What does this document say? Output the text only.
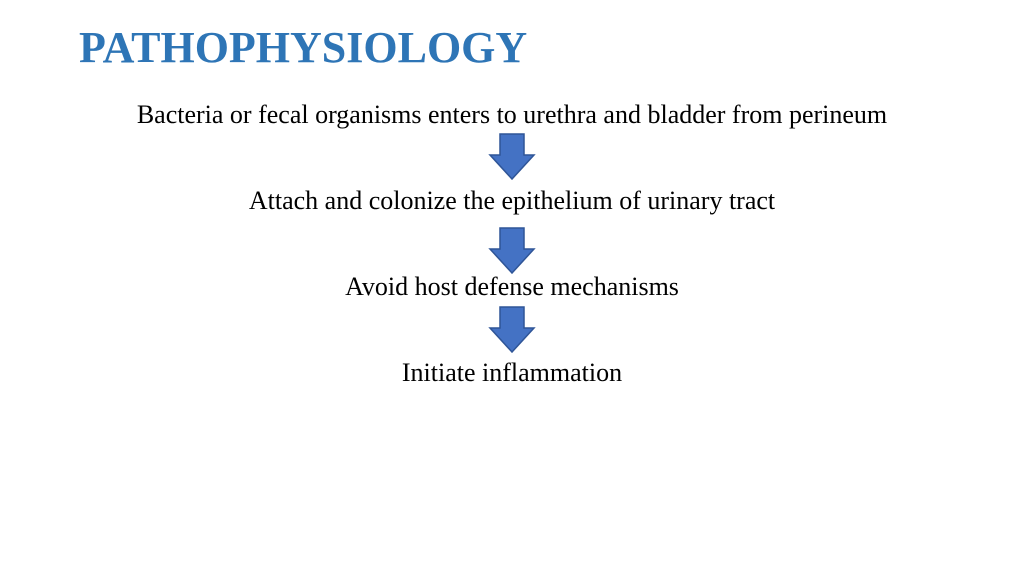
PATHOPHYSIOLOGY
Bacteria or fecal organisms enters to urethra and bladder from perineum
Attach and colonize the epithelium of urinary tract
Avoid host defense mechanisms
Initiate inflammation
